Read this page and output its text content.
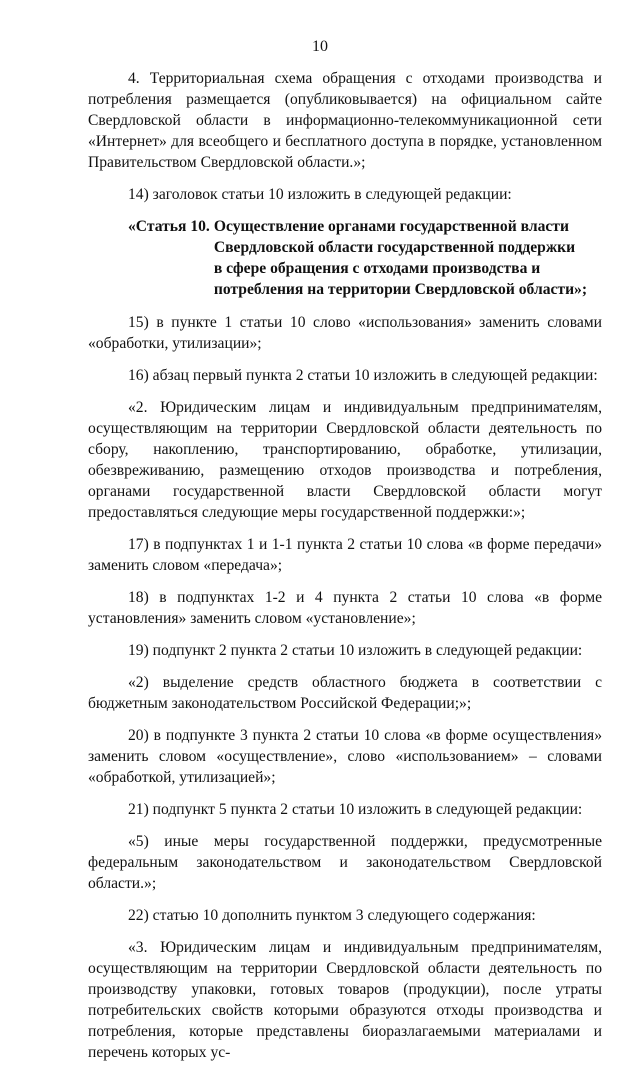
10

4. Территориальная схема обращения с отходами производства и потребления размещается (опубликовывается) на официальном сайте Свердловской области в информационно-телекоммуникационной сети «Интернет» для всеобщего и бесплатного доступа в порядке, установленном Правительством Свердловской области.»;

14) заголовок статьи 10 изложить в следующей редакции:

«Статья 10. Осуществление органами государственной власти
Свердловской области государственной поддержки
в сфере обращения с отходами производства и
потребления на территории Свердловской области»;

15) в пункте 1 статьи 10 слово «использования» заменить словами «обработки, утилизации»;

16) абзац первый пункта 2 статьи 10 изложить в следующей редакции:

«2. Юридическим лицам и индивидуальным предпринимателям, осуществляющим на территории Свердловской области деятельность по сбору, накоплению, транспортированию, обработке, утилизации, обезвреживанию, размещению отходов производства и потребления, органами государственной власти Свердловской области могут предоставляться следующие меры государственной поддержки:»;

17) в подпунктах 1 и 1-1 пункта 2 статьи 10 слова «в форме передачи» заменить словом «передача»;

18) в подпунктах 1-2 и 4 пункта 2 статьи 10 слова «в форме установления» заменить словом «установление»;

19) подпункт 2 пункта 2 статьи 10 изложить в следующей редакции:

«2) выделение средств областного бюджета в соответствии с бюджетным законодательством Российской Федерации;»;

20) в подпункте 3 пункта 2 статьи 10 слова «в форме осуществления» заменить словом «осуществление», слово «использованием» – словами «обработкой, утилизацией»;

21) подпункт 5 пункта 2 статьи 10 изложить в следующей редакции:

«5) иные меры государственной поддержки, предусмотренные федеральным законодательством и законодательством Свердловской области.»;

22) статью 10 дополнить пунктом 3 следующего содержания:

«3. Юридическим лицам и индивидуальным предпринимателям, осуществляющим на территории Свердловской области деятельность по производству упаковки, готовых товаров (продукции), после утраты потребительских свойств которыми образуются отходы производства и потребления, которые представлены биоразлагаемыми материалами и перечень которых ус-
